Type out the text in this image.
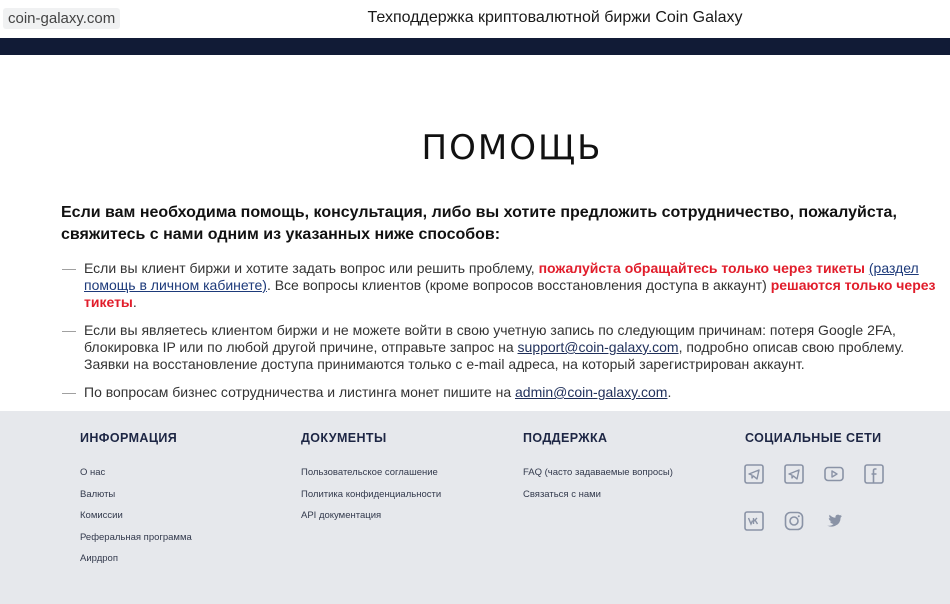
coin-galaxy.com	Техподдержка криптовалютной биржи Coin Galaxy
ПОМОЩЬ

Если вам необходима помощь, консультация, либо вы хотите предложить сотрудничество, пожалуйста, свяжитесь с нами одним из указанных ниже способов:

— Если вы клиент биржи и хотите задать вопрос или решить проблему, пожалуйста обращайтесь только через тикеты (раздел помощь в личном кабинете). Все вопросы клиентов (кроме вопросов восстановления доступа в аккаунт) решаются только через тикеты.
— Если вы являетесь клиентом биржи и не можете войти в свою учетную запись по следующим причинам: потеря Google 2FA, блокировка IP или по любой другой причине, отправьте запрос на support@coin-galaxy.com, подробно описав свою проблему. Заявки на восстановление доступа принимаются только с e-mail адреса, на который зарегистрирован аккаунт.
— По вопросам бизнес сотрудничества и листинга монет пишите на admin@coin-galaxy.com.
ИНФОРМАЦИЯ
О нас
Валюты
Комиссии
Реферальная программа
Аирдроп
ДОКУМЕНТЫ
Пользовательское соглашение
Политика конфиденциальности
API документация
ПОДДЕРЖКА
FAQ (часто задаваемые вопросы)
Связаться с нами
СОЦИАЛЬНЫЕ СЕТИ
